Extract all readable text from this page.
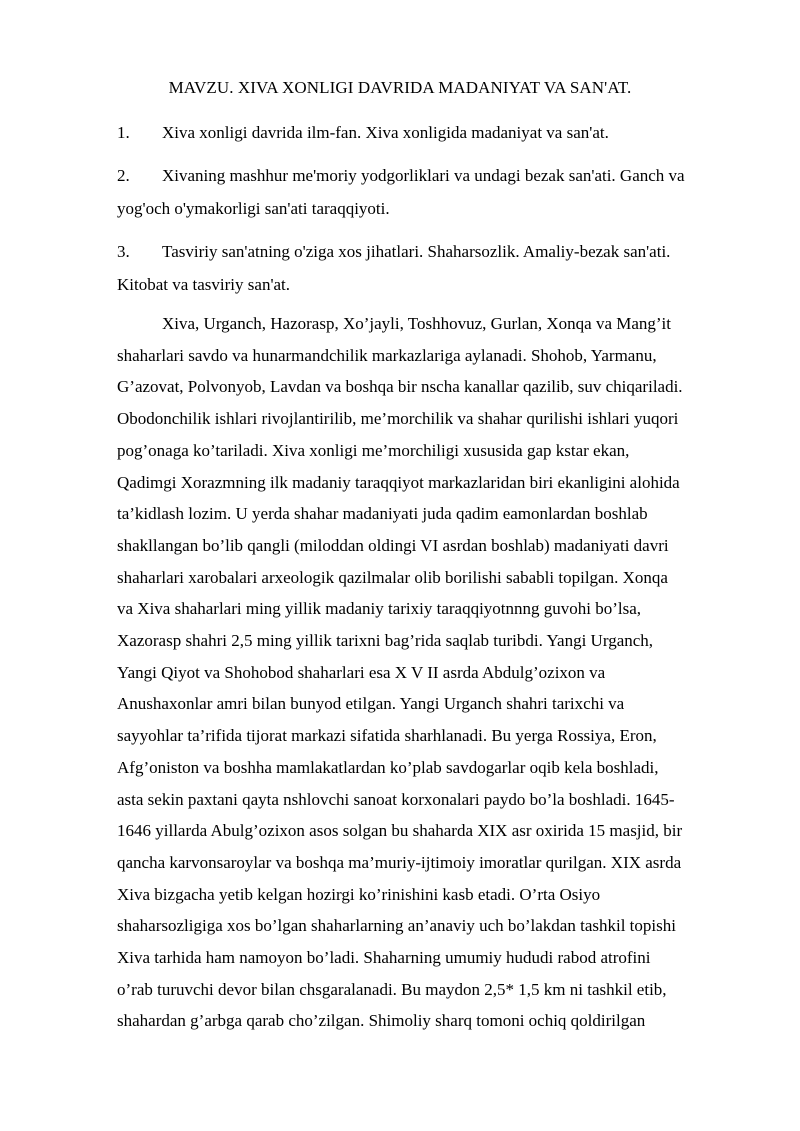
MAVZU. XIVA XONLIGI DAVRIDA MADANIYAT VA SAN'AT.
1.	Xiva xonligi davrida ilm-fan. Xiva xonligida madaniyat va san'at.
2.	Xivaning mashhur me'moriy yodgorliklari va undagi bezak san'ati. Ganch va
yog'och o'ymakorligi san'ati taraqqiyoti.
3.	Tasviriy san'atning o'ziga xos jihatlari. Shaharsozlik. Amaliy-bezak san'ati.
Kitobat va tasviriy san'at.
Xiva, Urganch, Hazorasp, Xo’jayli, Toshhovuz, Gurlan, Xonqa va Mang’it
shaharlari savdo va hunarmandchilik markazlariga aylanadi. Shohob, Yarmanu,
G’azovat, Polvonyob, Lavdan va boshqa bir nscha kanallar qazilib, suv chiqariladi.
Obodonchilik ishlari rivojlantirilib, me’morchilik va shahar qurilishi ishlari yuqori
pog’onaga ko’tariladi. Xiva xonligi me’morchiligi xususida gap kstar ekan,
Qadimgi Xorazmning ilk madaniy taraqqiyot markazlaridan biri ekanligini alohida
ta’kidlash lozim. U yerda shahar madaniyati juda qadim eamonlardan boshlab
shakllangan bo’lib qangli (miloddan oldingi VI asrdan boshlab) madaniyati davri
shaharlari xarobalari arxeologik qazilmalar olib borilishi sababli topilgan. Xonqa
va Xiva shaharlari ming yillik madaniy tarixiy taraqqiyotnnng guvohi bo’lsa,
Xazorasp shahri 2,5 ming yillik tarixni bag’rida saqlab turibdi. Yangi Urganch,
Yangi Qiyot va Shohobod shaharlari esa X V II asrda Abdulg’ozixon va
Anushaxonlar amri bilan bunyod etilgan. Yangi Urganch shahri tarixchi va
sayyohlar ta’rifida tijorat markazi sifatida sharhlanadi. Bu yerga Rossiya, Eron,
Afg’oniston va boshha mamlakatlardan ko’plab savdogarlar oqib kela boshladi,
asta sekin paxtani qayta nshlovchi sanoat korxonalari paydo bo’la boshladi. 1645-
1646 yillarda Abulg’ozixon asos solgan bu shaharda XIX asr oxirida 15 masjid, bir
qancha karvonsaroylar va boshqa ma’muriy-ijtimoiy imoratlar qurilgan. XIX asrda
Xiva bizgacha yetib kelgan hozirgi ko’rinishini kasb etadi. O’rta Osiyo
shaharsozligiga xos bo’lgan shaharlarning an’anaviy uch bo’lakdan tashkil topishi
Xiva tarhida ham namoyon bo’ladi. Shaharning umumiy hududi rabod atrofini
o’rab turuvchi devor bilan chsgaralanadi. Bu maydon 2,5* 1,5 km ni tashkil etib,
shahardan g’arbga qarab cho’zilgan. Shimoliy sharq tomoni ochiq qoldirilgan
